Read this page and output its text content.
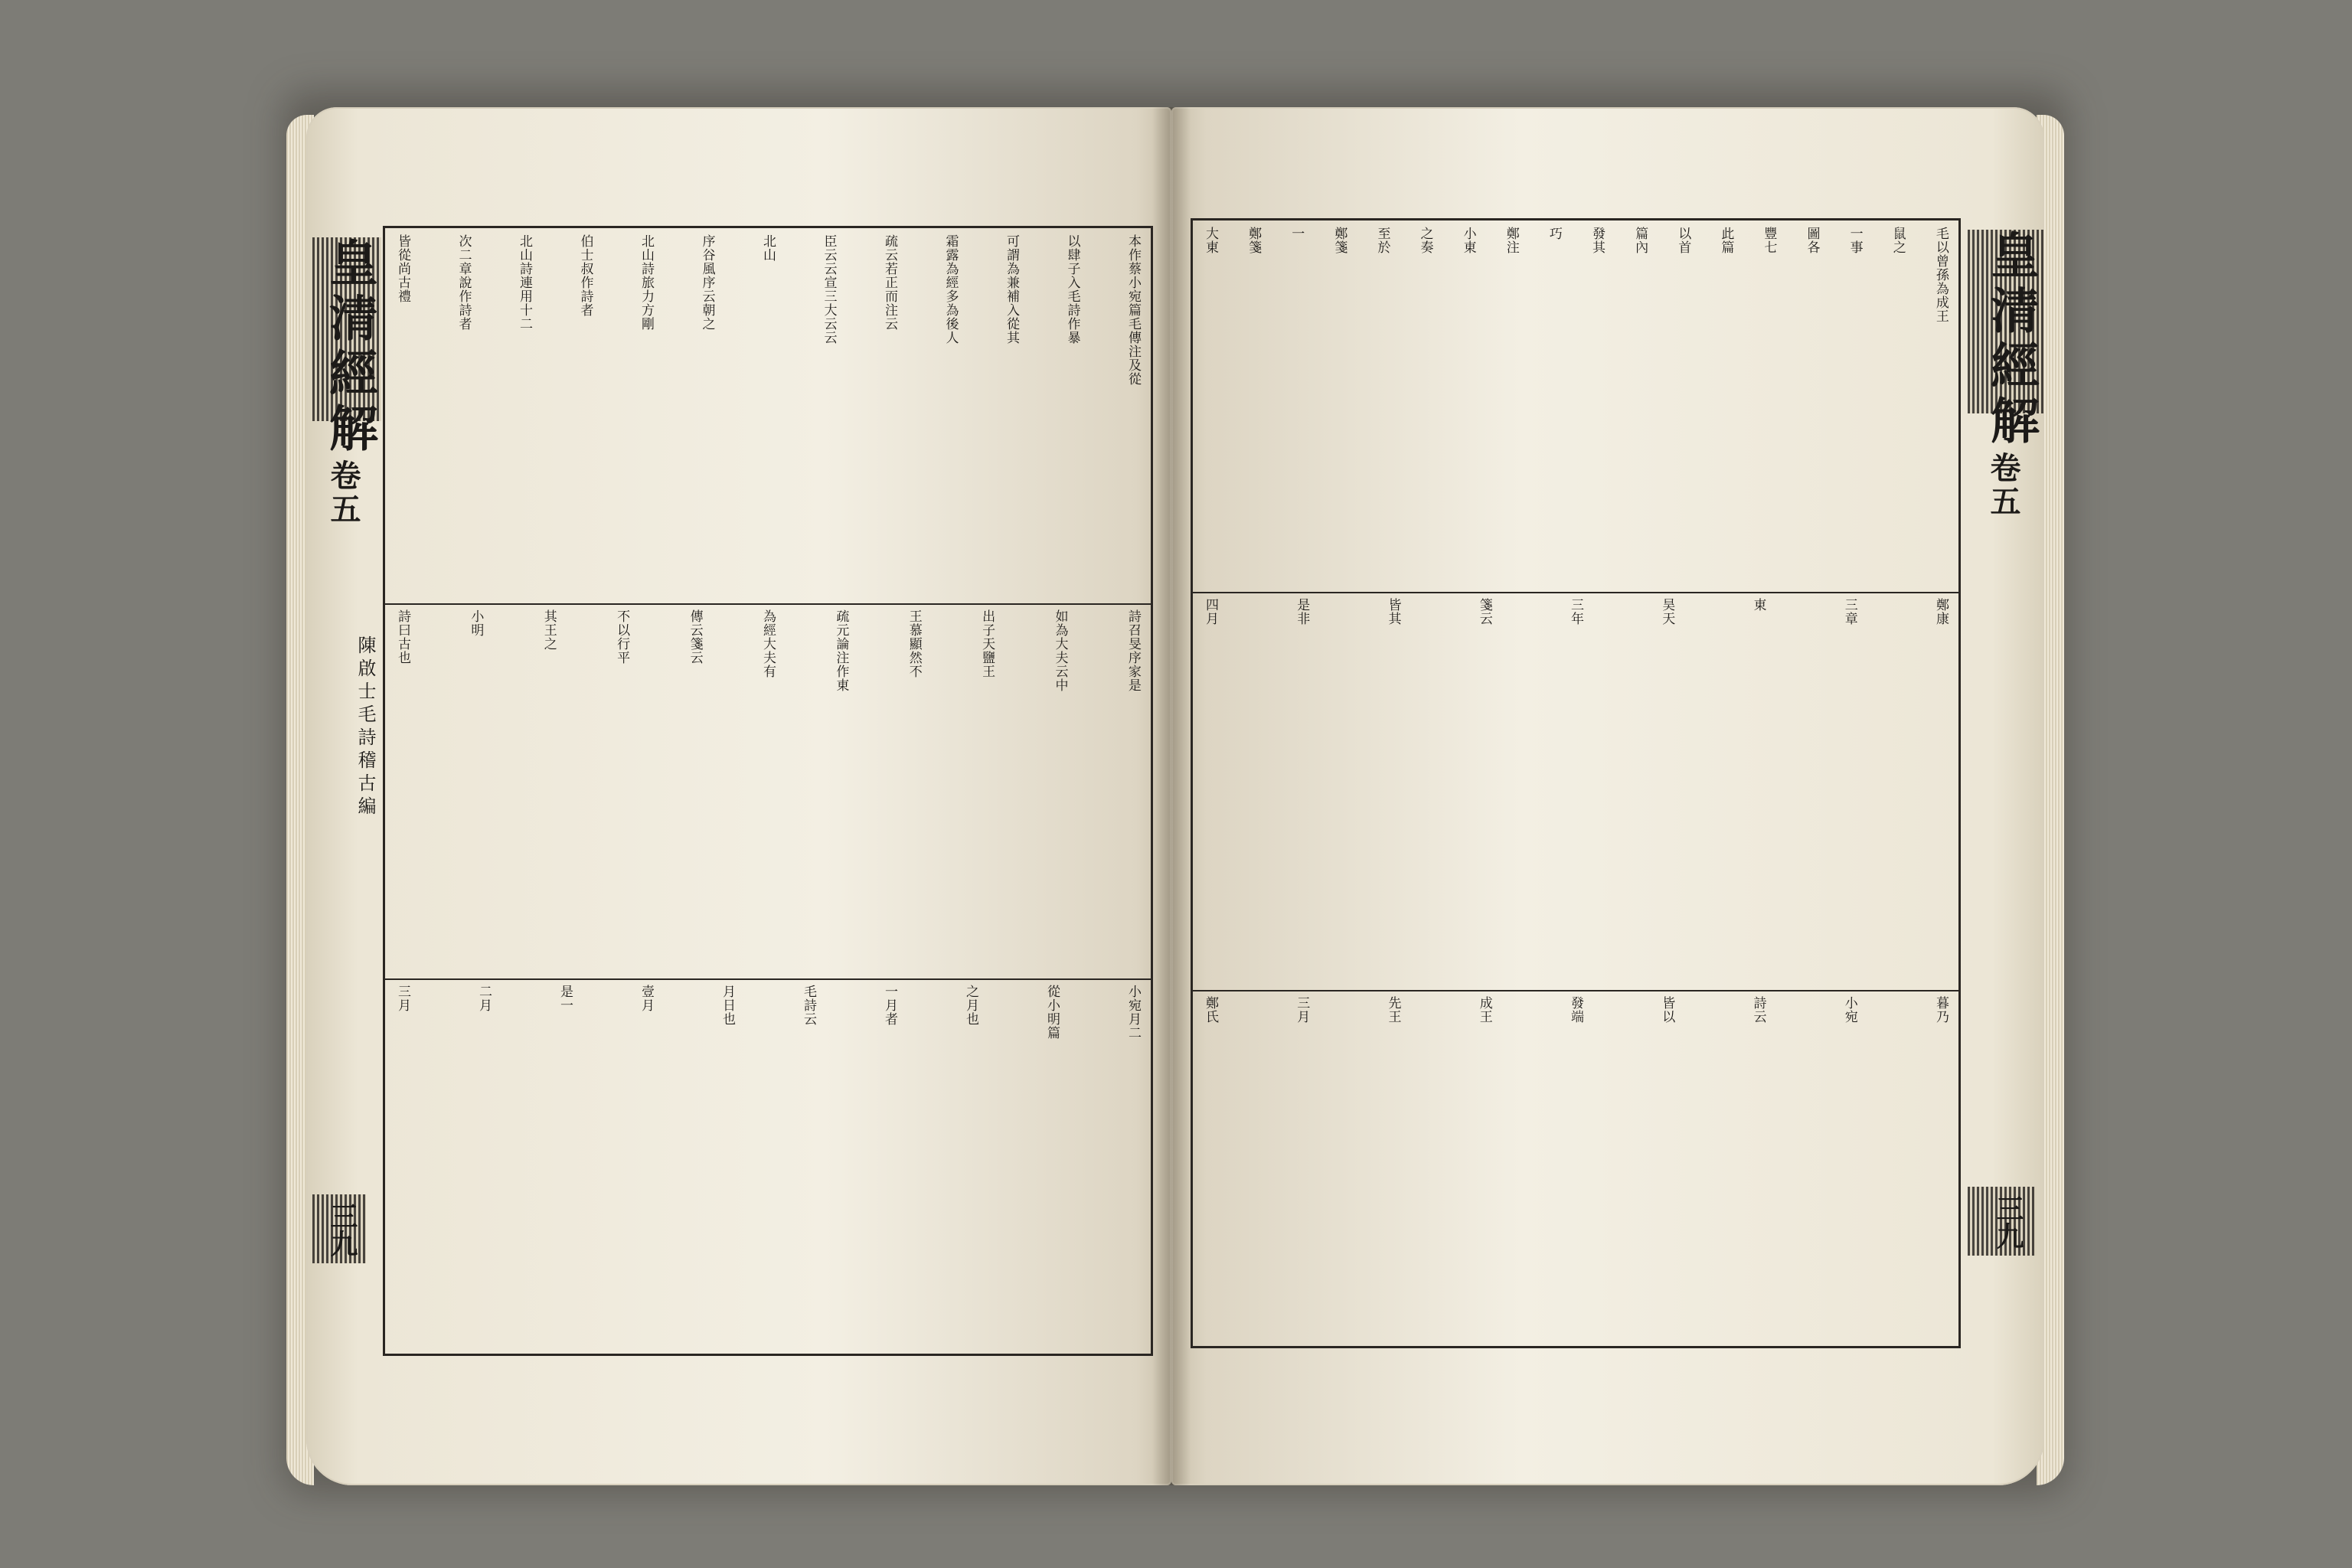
本作蔡小宛篇毛傳注及從
以肆子入毛詩作暴
可謂為兼補入從其
霜露為經多為後人
疏云若正而注云
臣云云宣三大云云
北山
序谷風序云朝之
北山詩旅力方剛
伯士叔作詩者
北山詩連用十二
次二章說作詩者
皆從尚古禮
詩召旻序家是
如為大夫云中
出子天鹽王
王慕顯然不
疏元論注作東
為經大夫有
傳云箋云
不以行平
其王之
小明
詩曰古也
小宛月二
從小明篇
之月也
一月者
毛詩云
月日也
壹月
是一
二月
三月
皇清經解
卷五
陳啟士毛詩稽古編
三九
毛以曾孫為成王
鼠之
一事
圖各
豐七
此篇
以首
篇內
發其
巧
鄭注
小東
之奏
至於
鄭箋
一
鄭箋
大東
鄭康
三章
東
昊天
三年
箋云
皆其
是非
四月
暮乃
小宛
詩云
皆以
發端
成王
先王
三月
鄭氏
皇清經解
卷五
三九
